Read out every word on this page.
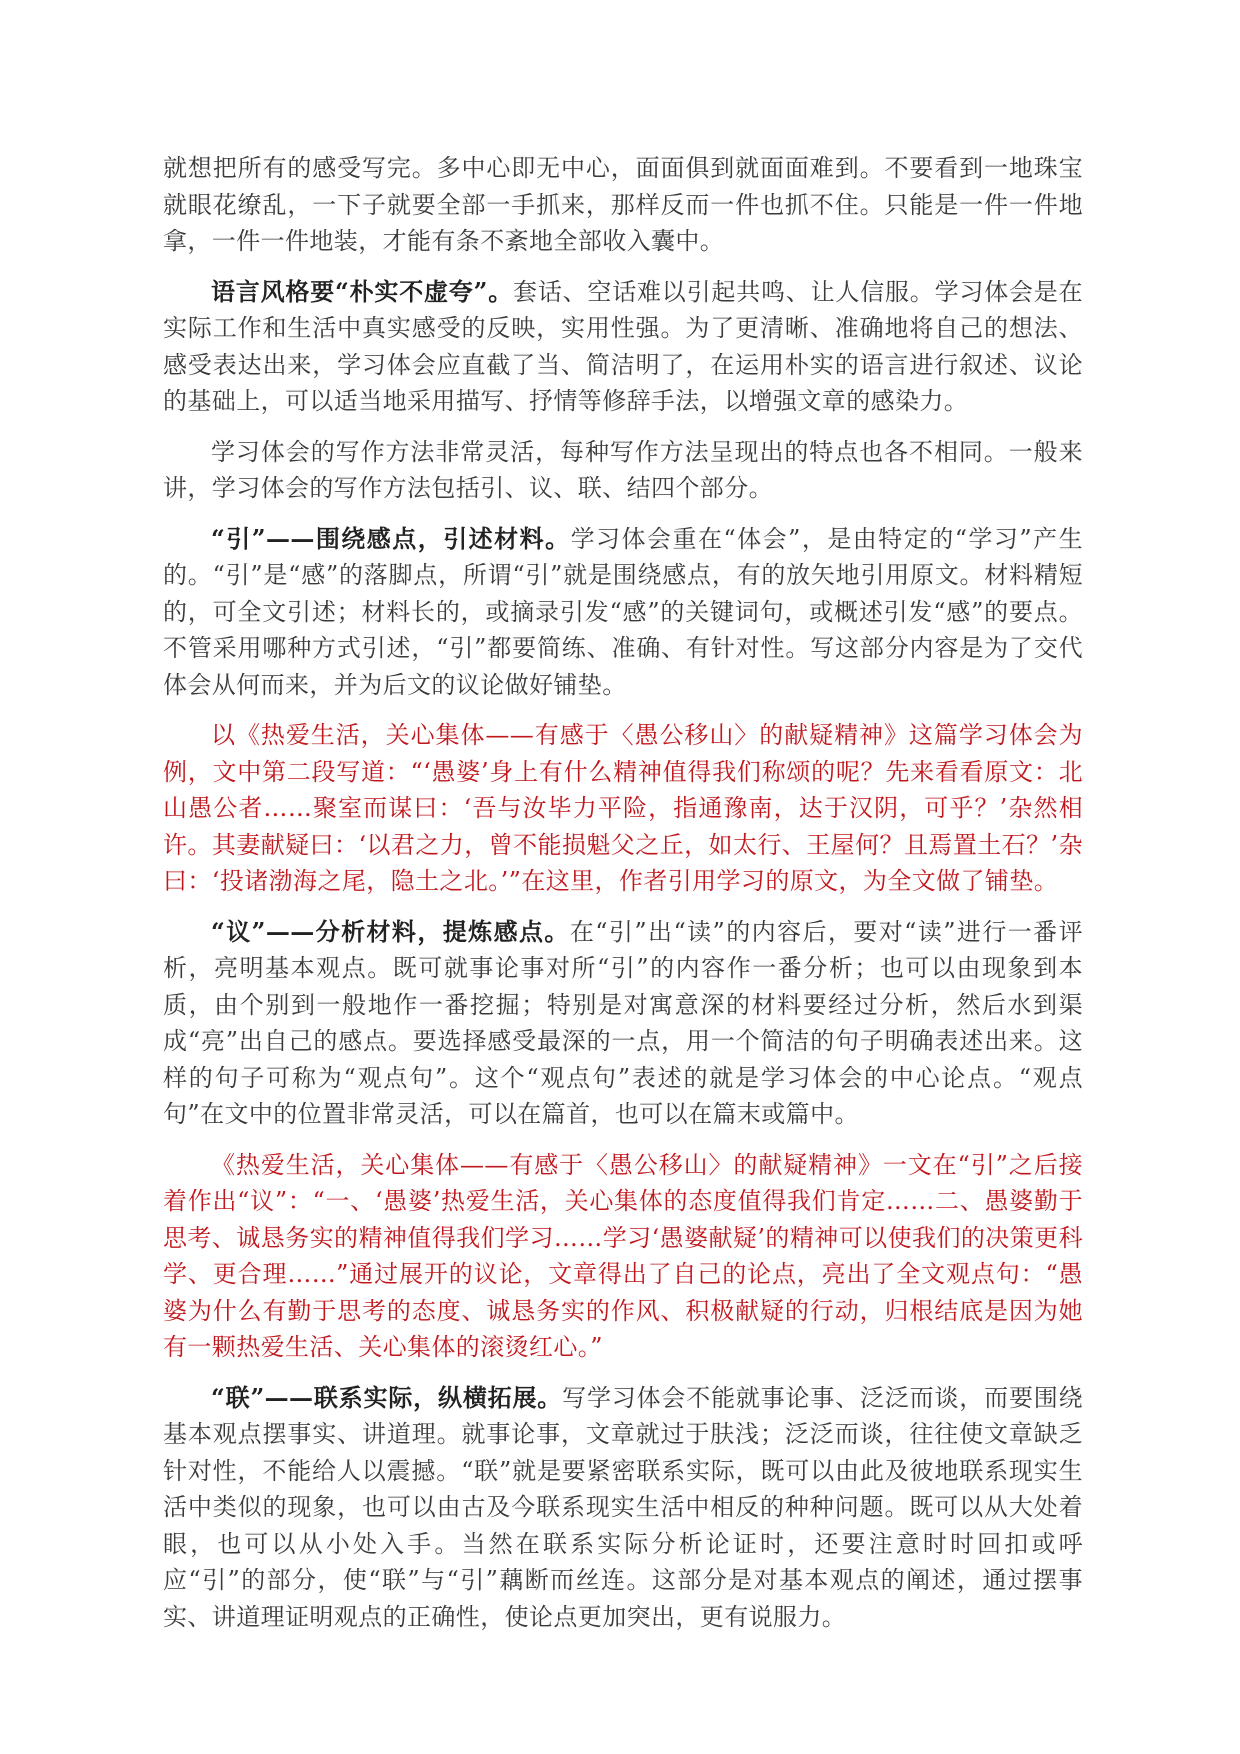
就想把所有的感受写完。多中心即无中心，面面俱到就面面难到。不要看到一地珠宝就眼花缭乱，一下子就要全部一手抓来，那样反而一件也抓不住。只能是一件一件地拿，一件一件地装，才能有条不紊地全部收入囊中。

语言风格要“朴实不虚夸”。套话、空话难以引起共鸣、让人信服。学习体会是在实际工作和生活中真实感受的反映，实用性强。为了更清晰、准确地将自己的想法、感受表达出来，学习体会应直截了当、简洁明了，在运用朴实的语言进行叙述、议论的基础上，可以适当地采用描写、抒情等修辞手法，以增强文章的感染力。

学习体会的写作方法非常灵活，每种写作方法呈现出的特点也各不相同。一般来讲，学习体会的写作方法包括引、议、联、结四个部分。

“引”——围绕感点，引述材料。学习体会重在“体会”，是由特定的“学习”产生的。“引”是“感”的落脚点，所谓“引”就是围绕感点，有的放矢地引用原文。材料精短的，可全文引述；材料长的，或摘录引发“感”的关键词句，或概述引发“感”的要点。不管采用哪种方式引述，“引”都要简练、准确、有针对性。写这部分内容是为了交代体会从何而来，并为后文的议论做好铺垫。

以《热爱生活，关心集体——有感于〈愚公移山〉的献疑精神》这篇学习体会为例，文中第二段写道：“‘愚婆’身上有什么精神值得我们称颂的呢？先来看看原文：北山愚公者……聚室而谋曰：‘吾与汝毕力平险，指通豫南，达于汉阴，可乎？’杂然相许。其妻献疑曰：‘以君之力，曾不能损魁父之丘，如太行、王屋何？且焉置土石？’杂曰：‘投诸渤海之尾，隐土之北。’”在这里，作者引用学习的原文，为全文做了铺垫。

“议”——分析材料，提炼感点。在“引”出“读”的内容后，要对“读”进行一番评析，亮明基本观点。既可就事论事对所“引”的内容作一番分析；也可以由现象到本质，由个别到一般地作一番挖掘；特别是对寓意深的材料要经过分析，然后水到渠成“亮”出自己的感点。要选择感受最深的一点，用一个简洁的句子明确表述出来。这样的句子可称为“观点句”。这个“观点句”表述的就是学习体会的中心论点。“观点句”在文中的位置非常灵活，可以在篇首，也可以在篇末或篇中。

《热爱生活，关心集体——有感于〈愚公移山〉的献疑精神》一文在“引”之后接着作出“议”：“一、‘愚婆’热爱生活，关心集体的态度值得我们肯定……二、愚婆勤于思考、诚恳务实的精神值得我们学习……学习‘愚婆献疑’的精神可以使我们的决策更科学、更合理……”通过展开的议论，文章得出了自己的论点，亮出了全文观点句：“愚婆为什么有勤于思考的态度、诚恳务实的作风、积极献疑的行动，归根结底是因为她有一颗热爱生活、关心集体的滚烫红心。”

“联”——联系实际，纵横拓展。写学习体会不能就事论事、泛泛而谈，而要围绕基本观点摆事实、讲道理。就事论事，文章就过于肤浅；泛泛而谈，往往使文章缺乏针对性，不能给人以震撼。“联”就是要紧密联系实际，既可以由此及彼地联系现实生活中类似的现象，也可以由古及今联系现实生活中相反的种种问题。既可以从大处着眼，也可以从小处入手。当然在联系实际分析论证时，还要注意时时回扣或呼应“引”的部分，使“联”与“引”藕断而丝连。这部分是对基本观点的阐述，通过摆事实、讲道理证明观点的正确性，使论点更加突出，更有说服力。
